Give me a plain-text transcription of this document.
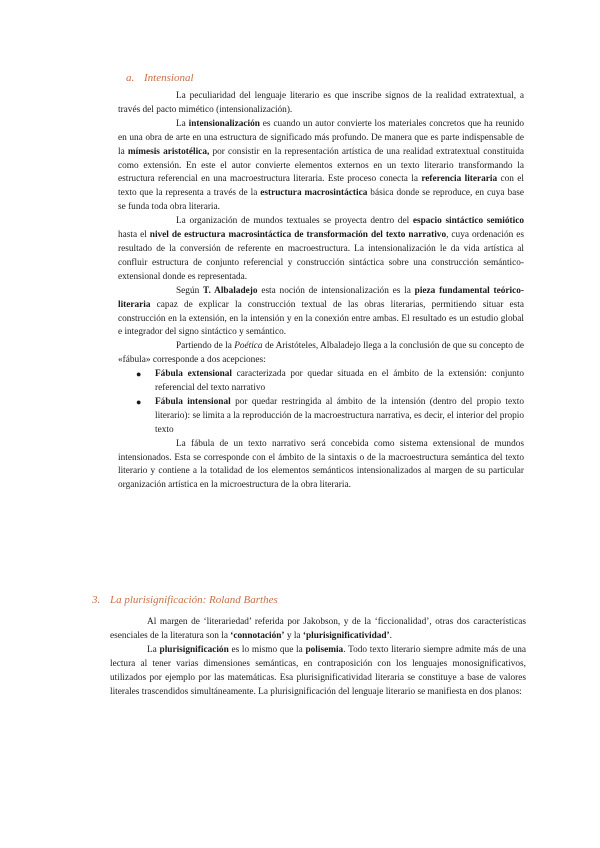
a. Intensional

La peculiaridad del lenguaje literario es que inscribe signos de la realidad extratextual, a través del pacto mimético (intensionalización).

La intensionalización es cuando un autor convierte los materiales concretos que ha reunido en una obra de arte en una estructura de significado más profundo. De manera que es parte indispensable de la mímesis aristotélica, por consistir en la representación artística de una realidad extratextual constituida como extensión. En este el autor convierte elementos externos en un texto literario transformando la estructura referencial en una macroestructura literaria. Este proceso conecta la referencia literaria con el texto que la representa a través de la estructura macrosintáctica básica donde se reproduce, en cuya base se funda toda obra literaria.

La organización de mundos textuales se proyecta dentro del espacio sintáctico semiótico hasta el nivel de estructura macrosintáctica de transformación del texto narrativo, cuya ordenación es resultado de la conversión de referente en macroestructura. La intensionalización le da vida artística al confluir estructura de conjunto referencial y construcción sintáctica sobre una construcción semántico-extensional donde es representada.

Según T. Albaladejo esta noción de intensionalización es la pieza fundamental teórico-literaria capaz de explicar la construcción textual de las obras literarias, permitiendo situar esta construcción en la extensión, en la intensión y en la conexión entre ambas. El resultado es un estudio global e integrador del signo sintáctico y semántico.

Partiendo de la Poética de Aristóteles, Albaladejo llega a la conclusión de que su concepto de «fábula» corresponde a dos acepciones:

● Fábula extensional caracterizada por quedar situada en el ámbito de la extensión: conjunto referencial del texto narrativo
● Fábula intensional por quedar restringida al ámbito de la intensión (dentro del propio texto literario): se limita a la reproducción de la macroestructura narrativa, es decir, el interior del propio texto

La fábula de un texto narrativo será concebida como sistema extensional de mundos intensionados. Esta se corresponde con el ámbito de la sintaxis o de la macroestructura semántica del texto literario y contiene a la totalidad de los elementos semánticos intensionalizados al margen de su particular organización artística en la microestructura de la obra literaria.

3. La plurisignificación: Roland Barthes

Al margen de ‘literariedad’ referida por Jakobson, y de la ‘ficcionalidad’, otras dos características esenciales de la literatura son la ‘connotación’ y la ‘plurisignificatividad’.

La plurisignificación es lo mismo que la polisemia. Todo texto literario siempre admite más de una lectura al tener varias dimensiones semánticas, en contraposición con los lenguajes monosignificativos, utilizados por ejemplo por las matemáticas. Esa plurisignificatividad literaria se constituye a base de valores literales trascendidos simultáneamente. La plurisignificación del lenguaje literario se manifiesta en dos planos:
